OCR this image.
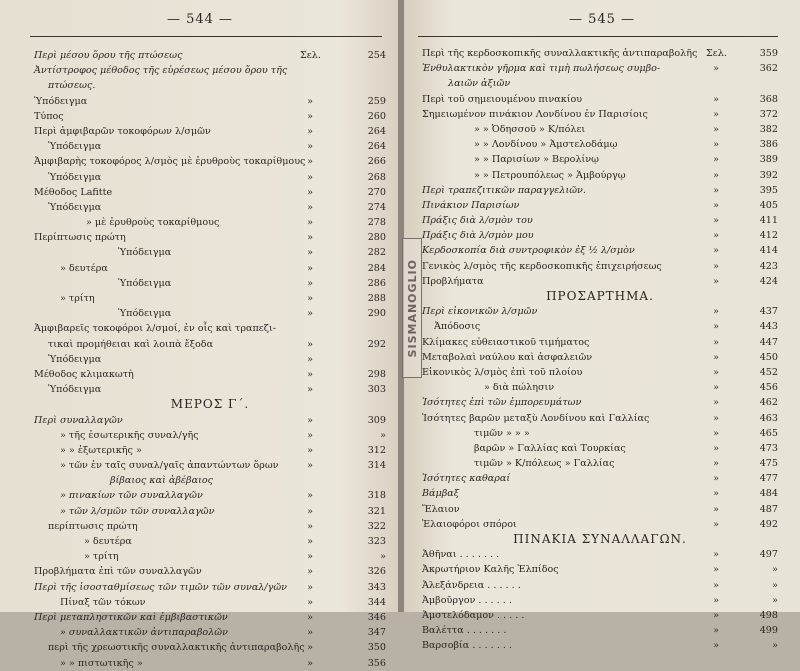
— 544 —
Περὶ μέσου ὅρου τῆς πτώσεως	Σελ.	254
Ἀντίστροφος μέθοδος τῆς εὑρέσεως μέσου ὅρου τῆς
πτώσεως.
Ὑπόδειγμα	»	259
Τύπος	»	260
Περὶ ἀμφιβαρῶν τοκοφόρων λ/σμῶν	»	264
Ὑπόδειγμα	»	264
Ἀμφιβαρὴς τοκοφόρος λ/σμὸς μὲ ἐρυθροὺς τοκαρίθμους »	266
Ὑπόδειγμα	»	268
Μέθοδος Lafitte	»	270
Ὑπόδειγμα	»	274
» μὲ ἐρυθροὺς τοκαρίθμους	»	278
Περίπτωσις πρώτη	»	280
Ὑπόδειγμα	»	282
» δευτέρα	»	284
Ὑπόδειγμα	»	286
» τρίτη	»	288
Ὑπόδειγμα	»	290
Ἀμφιβαρεῖς τοκοφόροι λ/σμοί, ἐν οἷς καὶ τραπεζι-
τικαὶ προμήθειαι καὶ λοιπὰ ἔξοδα	»	292
Ὑπόδειγμα	»
Μέθοδος κλιμακωτὴ	»	298
Ὑπόδειγμα	»	303
ΜΕΡΟΣ Γ΄.
Περὶ συναλλαγῶν	»	309
» τῆς ἐσωτερικῆς συναλ/γῆς	»	»
» » ἐξωτερικῆς »	»	312
» τῶν ἐν ταῖς συναλ/γαῖς ἀπαντώντων ὅρων	»	314
βίβαιος καὶ ἀβέβαιος
» πινακίων τῶν συναλλαγῶν	»	318
» τῶν λ/σμῶν τῶν συναλλαγῶν	»	321
περίπτωσις πρώτη	»	322
» δευτέρα	»	323
» τρίτη	»	»
Προβλήματα ἐπὶ τῶν συναλλαγῶν	»	326
Περὶ τῆς ἰσοσταθμίσεως τῶν τιμῶν τῶν συναλ/γῶν	»	343
Πίναξ τῶν τόκων	»	344
Περὶ μεταπληστικῶν καὶ ἐμβιβαστικῶν	»	346
» συναλλακτικῶν ἀντιπαραβολῶν	»	347
περὶ τῆς χρεωστικῆς συναλλακτικῆς ἀντιπαραβολῆς »	350
» » πιστωτικῆς »	»	356
— 545 —
Περὶ τῆς κερδοσκοπικῆς συναλλακτικῆς ἀντιπαραβολῆς Σελ.	359
Ἐνθυλακτικὸν γῆρμα καὶ τιμὴ πωλήσεως συμβο-	»	362
λαιῶν ἀξιῶν
Περὶ τοῦ σημειουμένου πινακίου	»	368
Σημειωμένον πινάκιον Λονδίνου ἐν Παρισίοις	»	372
» » Ὀδησσοῦ » Κ/πόλει	»	382
» » Λονδίνου » Ἀμστελοδάμῳ	»	386
» » Παρισίων » Βερολίνῳ	»	389
» » Πετρουπόλεως » Ἁμβούργῳ	»	392
Περὶ τραπεζιτικῶν παραγγελιῶν.	»	395
Πινάκιον Παρισίων	»	405
Πράξις διὰ λ/σμὸν του	»	411
Πράξις διὰ λ/σμὸν μου	»	412
Κερδοσκοπία διὰ συντροφικὸν ἐξ ½ λ/σμὸν	»	414
Γενικὸς λ/σμὸς τῆς κερδοσκοπικῆς ἐπιχειρήσεως	»	423
Προβλήματα	»	424
ΠΡΟΣΑΡΤΗΜΑ.
Περὶ εἰκονικῶν λ/σμῶν	»	437
Ἀπόδοσις	»	443
Κλίμακες εὐθειαστικοῦ τιμήματος	»	447
Μεταβολαὶ ναύλου καὶ ἀσφαλειῶν	»	450
Εἰκονικὸς λ/σμὸς ἐπὶ τοῦ πλοίου	»	452
» διὰ πώλησιν	»	456
Ἰσότητες ἐπὶ τῶν ἐμπορευμάτων	»	462
Ἰσότητες βαρῶν μεταξὺ Λονδίνου καὶ Γαλλίας	»	463
τιμῶν » » »	»	465
βαρῶν » Γαλλίας καὶ Τουρκίας	»	473
τιμῶν » Κ/πόλεως » Γαλλίας	»	475
Ἰσότητες καθαραί	»	477
Βάμβαξ	»	484
Ἔλαιον	»	487
Ἐλαιοφόροι σπόροι	»	492
ΠΙΝΑΚΙΑ ΣΥΝΑΛΛΑΓΩΝ.
Ἀθῆναι . . . . . . .	»	497
Ἀκρωτήριον Καλῆς Ἐλπίδος	»	»
Ἀλεξάνδρεια . . . . . .	»	»
Ἀμβοῦργον . . . . . .	»	»
Ἀμστελόδαμον . . . . .	»	498
Βαλέττα . . . . . . .	»	499
Βαρσοβία . . . . . . .	»	»
SISMANOGLIO
